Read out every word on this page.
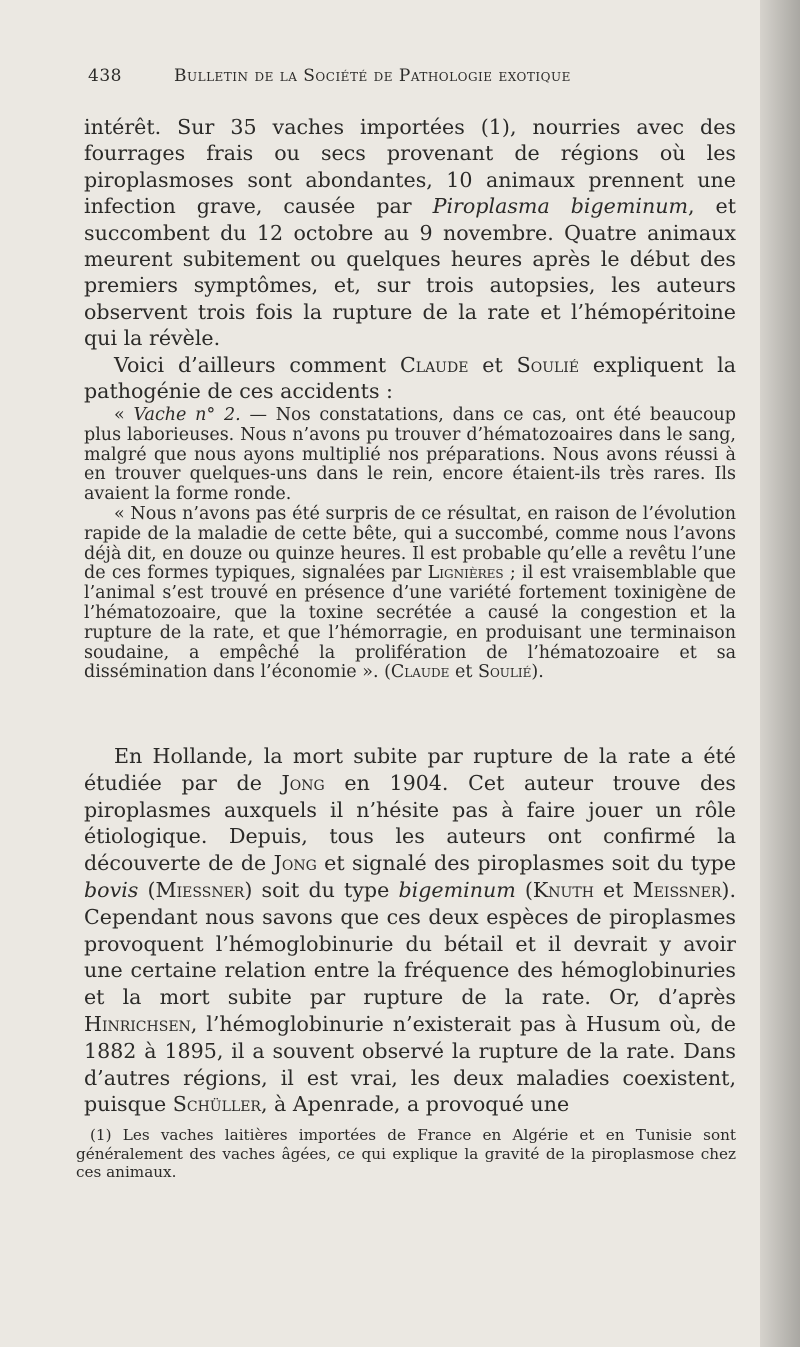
438	Bulletin de la Société de Pathologie exotique

intérêt. Sur 35 vaches importées (1), nourries avec des fourrages frais ou secs provenant de régions où les piroplasmoses sont abondantes, 10 animaux prennent une infection grave, causée par Piroplasma bigeminum, et succombent du 12 octobre au 9 novembre. Quatre animaux meurent subitement ou quelques heures après le début des premiers symptômes, et, sur trois autopsies, les auteurs observent trois fois la rupture de la rate et l’hémopéritoine qui la révèle.

Voici d’ailleurs comment Claude et Soulié expliquent la pathogénie de ces accidents :

« Vache n° 2. — Nos constatations, dans ce cas, ont été beaucoup plus laborieuses. Nous n’avons pu trouver d’hématozoaires dans le sang, malgré que nous ayons multiplié nos préparations. Nous avons réussi à en trouver quelques-uns dans le rein, encore étaient-ils très rares. Ils avaient la forme ronde.

« Nous n’avons pas été surpris de ce résultat, en raison de l’évolution rapide de la maladie de cette bête, qui a succombé, comme nous l’avons déjà dit, en douze ou quinze heures. Il est probable qu’elle a revêtu l’une de ces formes typiques, signalées par Lignières ; il est vraisemblable que l’animal s’est trouvé en présence d’une variété fortement toxinigène de l’hématozoaire, que la toxine secrétée a causé la congestion et la rupture de la rate, et que l’hémorragie, en produisant une terminaison soudaine, a empêché la prolifération de l’hématozoaire et sa dissémination dans l’économie ». (Claude et Soulié).

En Hollande, la mort subite par rupture de la rate a été étudiée par de Jong en 1904. Cet auteur trouve des piroplasmes auxquels il n’hésite pas à faire jouer un rôle étiologique. Depuis, tous les auteurs ont confirmé la découverte de de Jong et signalé des piroplasmes soit du type bovis (Miessner) soit du type bigeminum (Knuth et Meissner). Cependant nous savons que ces deux espèces de piroplasmes provoquent l’hémoglobinurie du bétail et il devrait y avoir une certaine relation entre la fréquence des hémoglobinuries et la mort subite par rupture de la rate. Or, d’après Hinrichsen, l’hémoglobinurie n’existerait pas à Husum où, de 1882 à 1895, il a souvent observé la rupture de la rate. Dans d’autres régions, il est vrai, les deux maladies coexistent, puisque Schüller, à Apenrade, a provoqué une

(1) Les vaches laitières importées de France en Algérie et en Tunisie sont généralement des vaches âgées, ce qui explique la gravité de la piroplasmose chez ces animaux.
